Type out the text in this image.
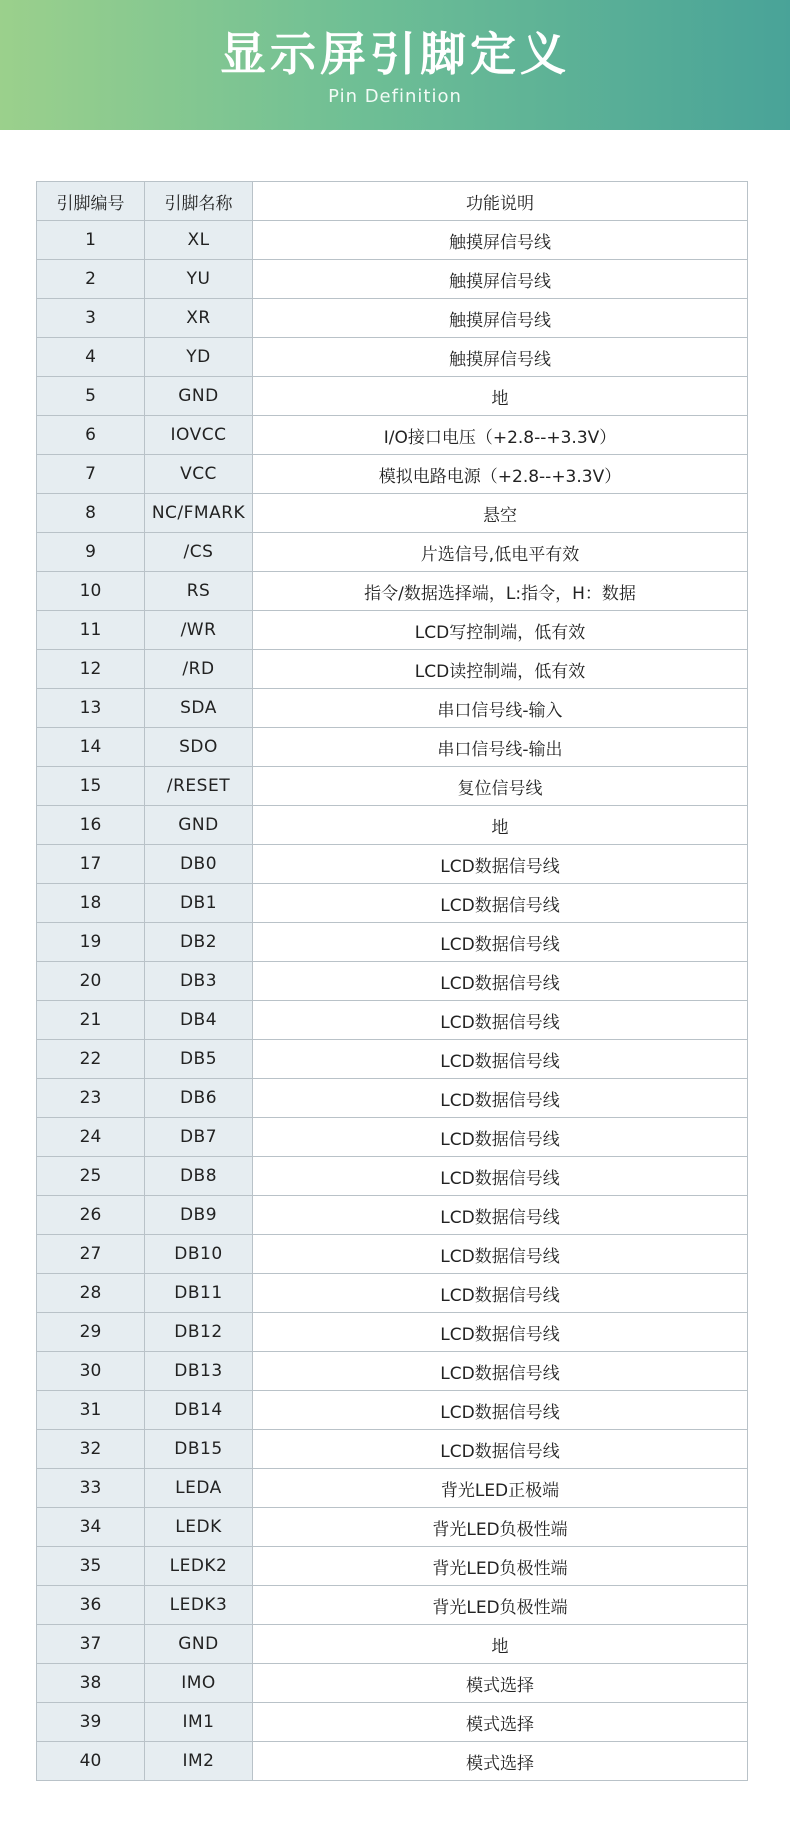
显示屏引脚定义
Pin Definition
引脚编号	引脚名称	功能说明
1	XL	触摸屏信号线
2	YU	触摸屏信号线
3	XR	触摸屏信号线
4	YD	触摸屏信号线
5	GND	地
6	IOVCC	I/O接口电压（+2.8--+3.3V）
7	VCC	模拟电路电源（+2.8--+3.3V）
8	NC/FMARK	悬空
9	/CS	片选信号,低电平有效
10	RS	指令/数据选择端，L:指令，H：数据
11	/WR	LCD写控制端，低有效
12	/RD	LCD读控制端，低有效
13	SDA	串口信号线-输入
14	SDO	串口信号线-输出
15	/RESET	复位信号线
16	GND	地
17	DB0	LCD数据信号线
18	DB1	LCD数据信号线
19	DB2	LCD数据信号线
20	DB3	LCD数据信号线
21	DB4	LCD数据信号线
22	DB5	LCD数据信号线
23	DB6	LCD数据信号线
24	DB7	LCD数据信号线
25	DB8	LCD数据信号线
26	DB9	LCD数据信号线
27	DB10	LCD数据信号线
28	DB11	LCD数据信号线
29	DB12	LCD数据信号线
30	DB13	LCD数据信号线
31	DB14	LCD数据信号线
32	DB15	LCD数据信号线
33	LEDA	背光LED正极端
34	LEDK	背光LED负极性端
35	LEDK2	背光LED负极性端
36	LEDK3	背光LED负极性端
37	GND	地
38	IMO	模式选择
39	IM1	模式选择
40	IM2	模式选择
